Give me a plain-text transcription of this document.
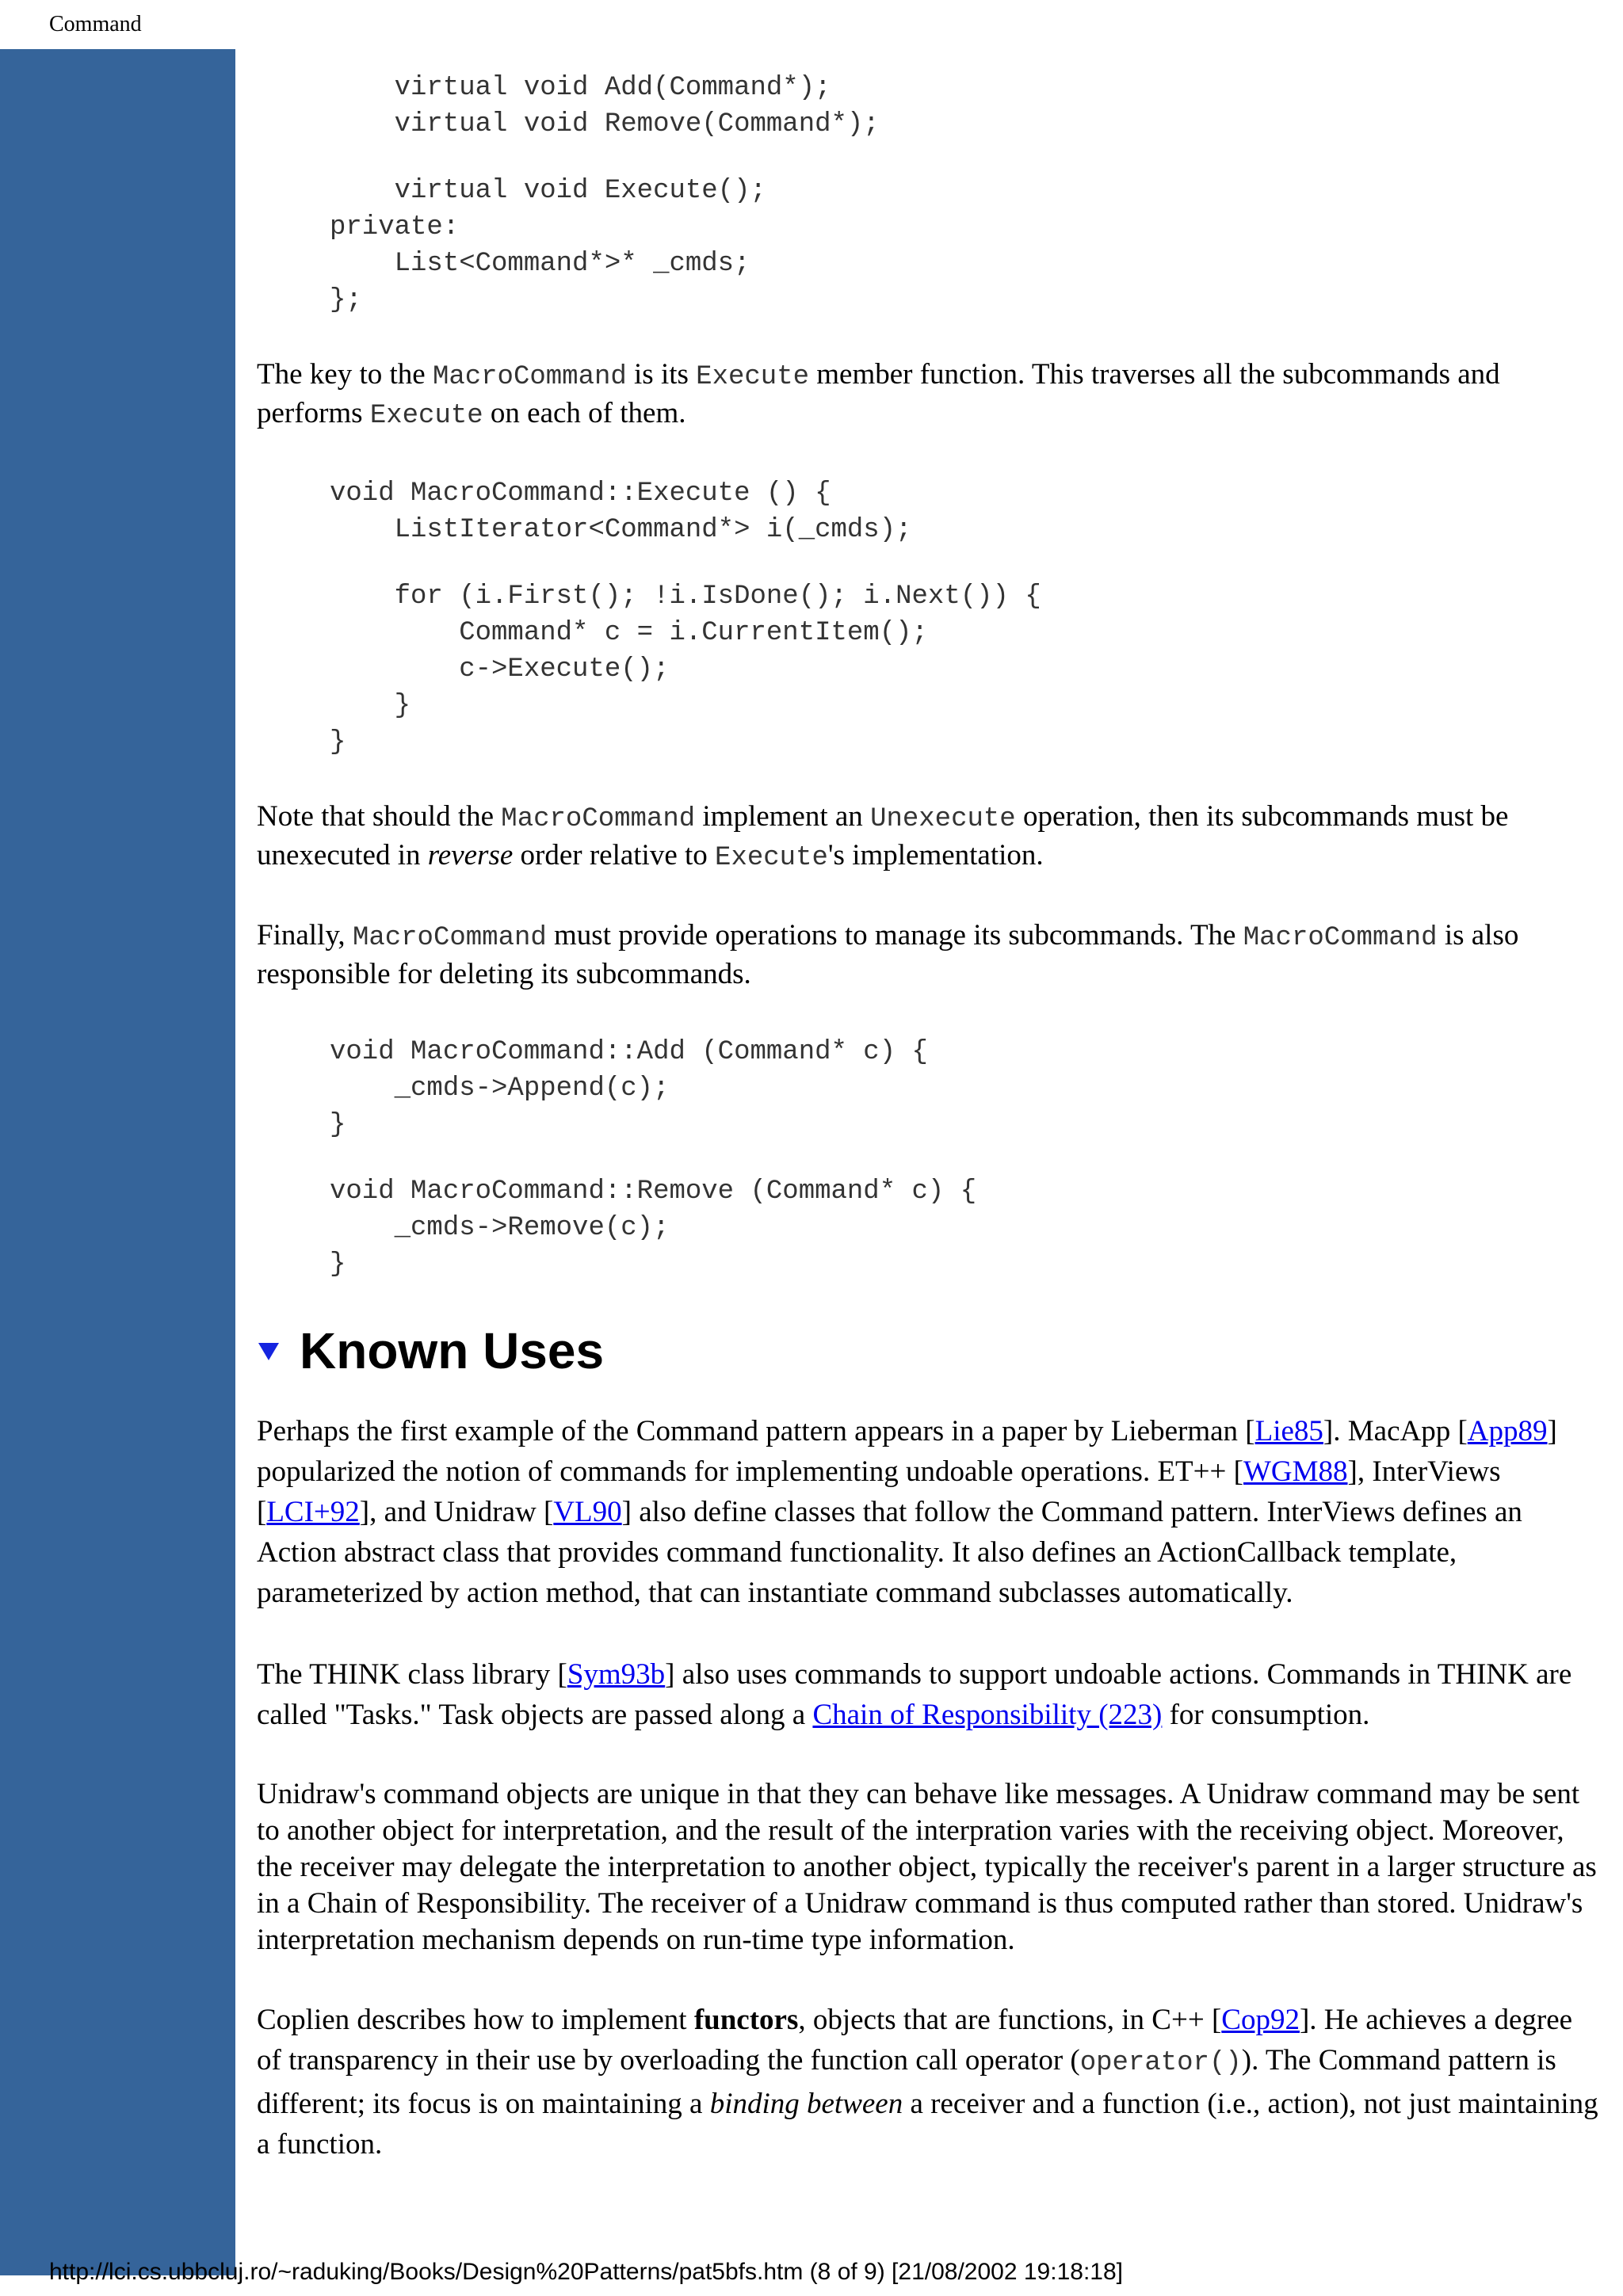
Command
virtual void Add(Command*);
virtual void Remove(Command*);
virtual void Execute();
private:
List<Command*>* _cmds;
};

The key to the MacroCommand is its Execute member function. This traverses all the subcommands and performs Execute on each of them.

void MacroCommand::Execute () {
ListIterator<Command*> i(_cmds);
for (i.First(); !i.IsDone(); i.Next()) {
Command* c = i.CurrentItem();
c->Execute();
}
}

Note that should the MacroCommand implement an Unexecute operation, then its subcommands must be unexecuted in reverse order relative to Execute's implementation.

Finally, MacroCommand must provide operations to manage its subcommands. The MacroCommand is also responsible for deleting its subcommands.

void MacroCommand::Add (Command* c) {
_cmds->Append(c);
}
void MacroCommand::Remove (Command* c) {
_cmds->Remove(c);
}
Known Uses

Perhaps the first example of the Command pattern appears in a paper by Lieberman [Lie85]. MacApp [App89] popularized the notion of commands for implementing undoable operations. ET++ [WGM88], InterViews [LCI+92], and Unidraw [VL90] also define classes that follow the Command pattern. InterViews defines an Action abstract class that provides command functionality. It also defines an ActionCallback template, parameterized by action method, that can instantiate command subclasses automatically.

The THINK class library [Sym93b] also uses commands to support undoable actions. Commands in THINK are called "Tasks." Task objects are passed along a Chain of Responsibility (223) for consumption.

Unidraw's command objects are unique in that they can behave like messages. A Unidraw command may be sent to another object for interpretation, and the result of the interpration varies with the receiving object. Moreover, the receiver may delegate the interpretation to another object, typically the receiver's parent in a larger structure as in a Chain of Responsibility. The receiver of a Unidraw command is thus computed rather than stored. Unidraw's interpretation mechanism depends on run-time type information.

Coplien describes how to implement functors, objects that are functions, in C++ [Cop92]. He achieves a degree of transparency in their use by overloading the function call operator (operator()). The Command pattern is different; its focus is on maintaining a binding between a receiver and a function (i.e., action), not just maintaining a function.

http://lci.cs.ubbcluj.ro/~raduking/Books/Design%20Patterns/pat5bfs.htm (8 of 9) [21/08/2002 19:18:18]
